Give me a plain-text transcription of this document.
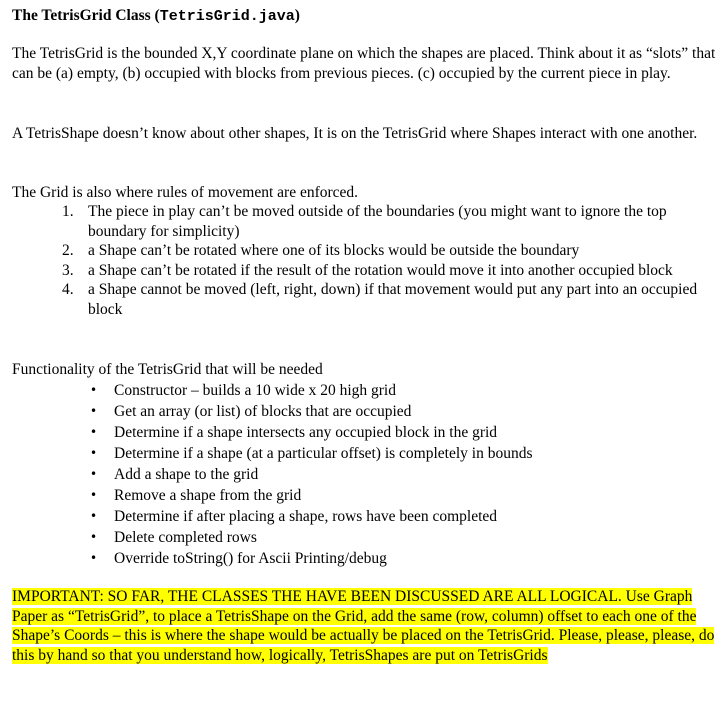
The TetrisGrid Class (TetrisGrid.java)

The TetrisGrid is the bounded X,Y coordinate plane on which the shapes are placed. Think about it as “slots” that can be (a) empty, (b) occupied with blocks from previous pieces. (c) occupied by the current piece in play.

A TetrisShape doesn’t know about other shapes, It is on the TetrisGrid where Shapes interact with one another.

The Grid is also where rules of movement are enforced.

1. The piece in play can’t be moved outside of the boundaries (you might want to ignore the top boundary for simplicity)
2. a Shape can’t be rotated where one of its blocks would be outside the boundary
3. a Shape can’t be rotated if the result of the rotation would move it into another occupied block
4. a Shape cannot be moved (left, right, down) if that movement would put any part into an occupied block

Functionality of the TetrisGrid that will be needed

• Constructor – builds a 10 wide x 20 high grid
• Get an array (or list) of blocks that are occupied
• Determine if a shape intersects any occupied block in the grid
• Determine if a shape (at a particular offset) is completely in bounds
• Add a shape to the grid
• Remove a shape from the grid
• Determine if after placing a shape, rows have been completed
• Delete completed rows
• Override toString() for Ascii Printing/debug

IMPORTANT: SO FAR, THE CLASSES THE HAVE BEEN DISCUSSED ARE ALL LOGICAL. Use Graph Paper as “TetrisGrid”, to place a TetrisShape on the Grid, add the same (row, column) offset to each one of the Shape’s Coords – this is where the shape would be actually be placed on the TetrisGrid. Please, please, please, do this by hand so that you understand how, logically, TetrisShapes are put on TetrisGrids
